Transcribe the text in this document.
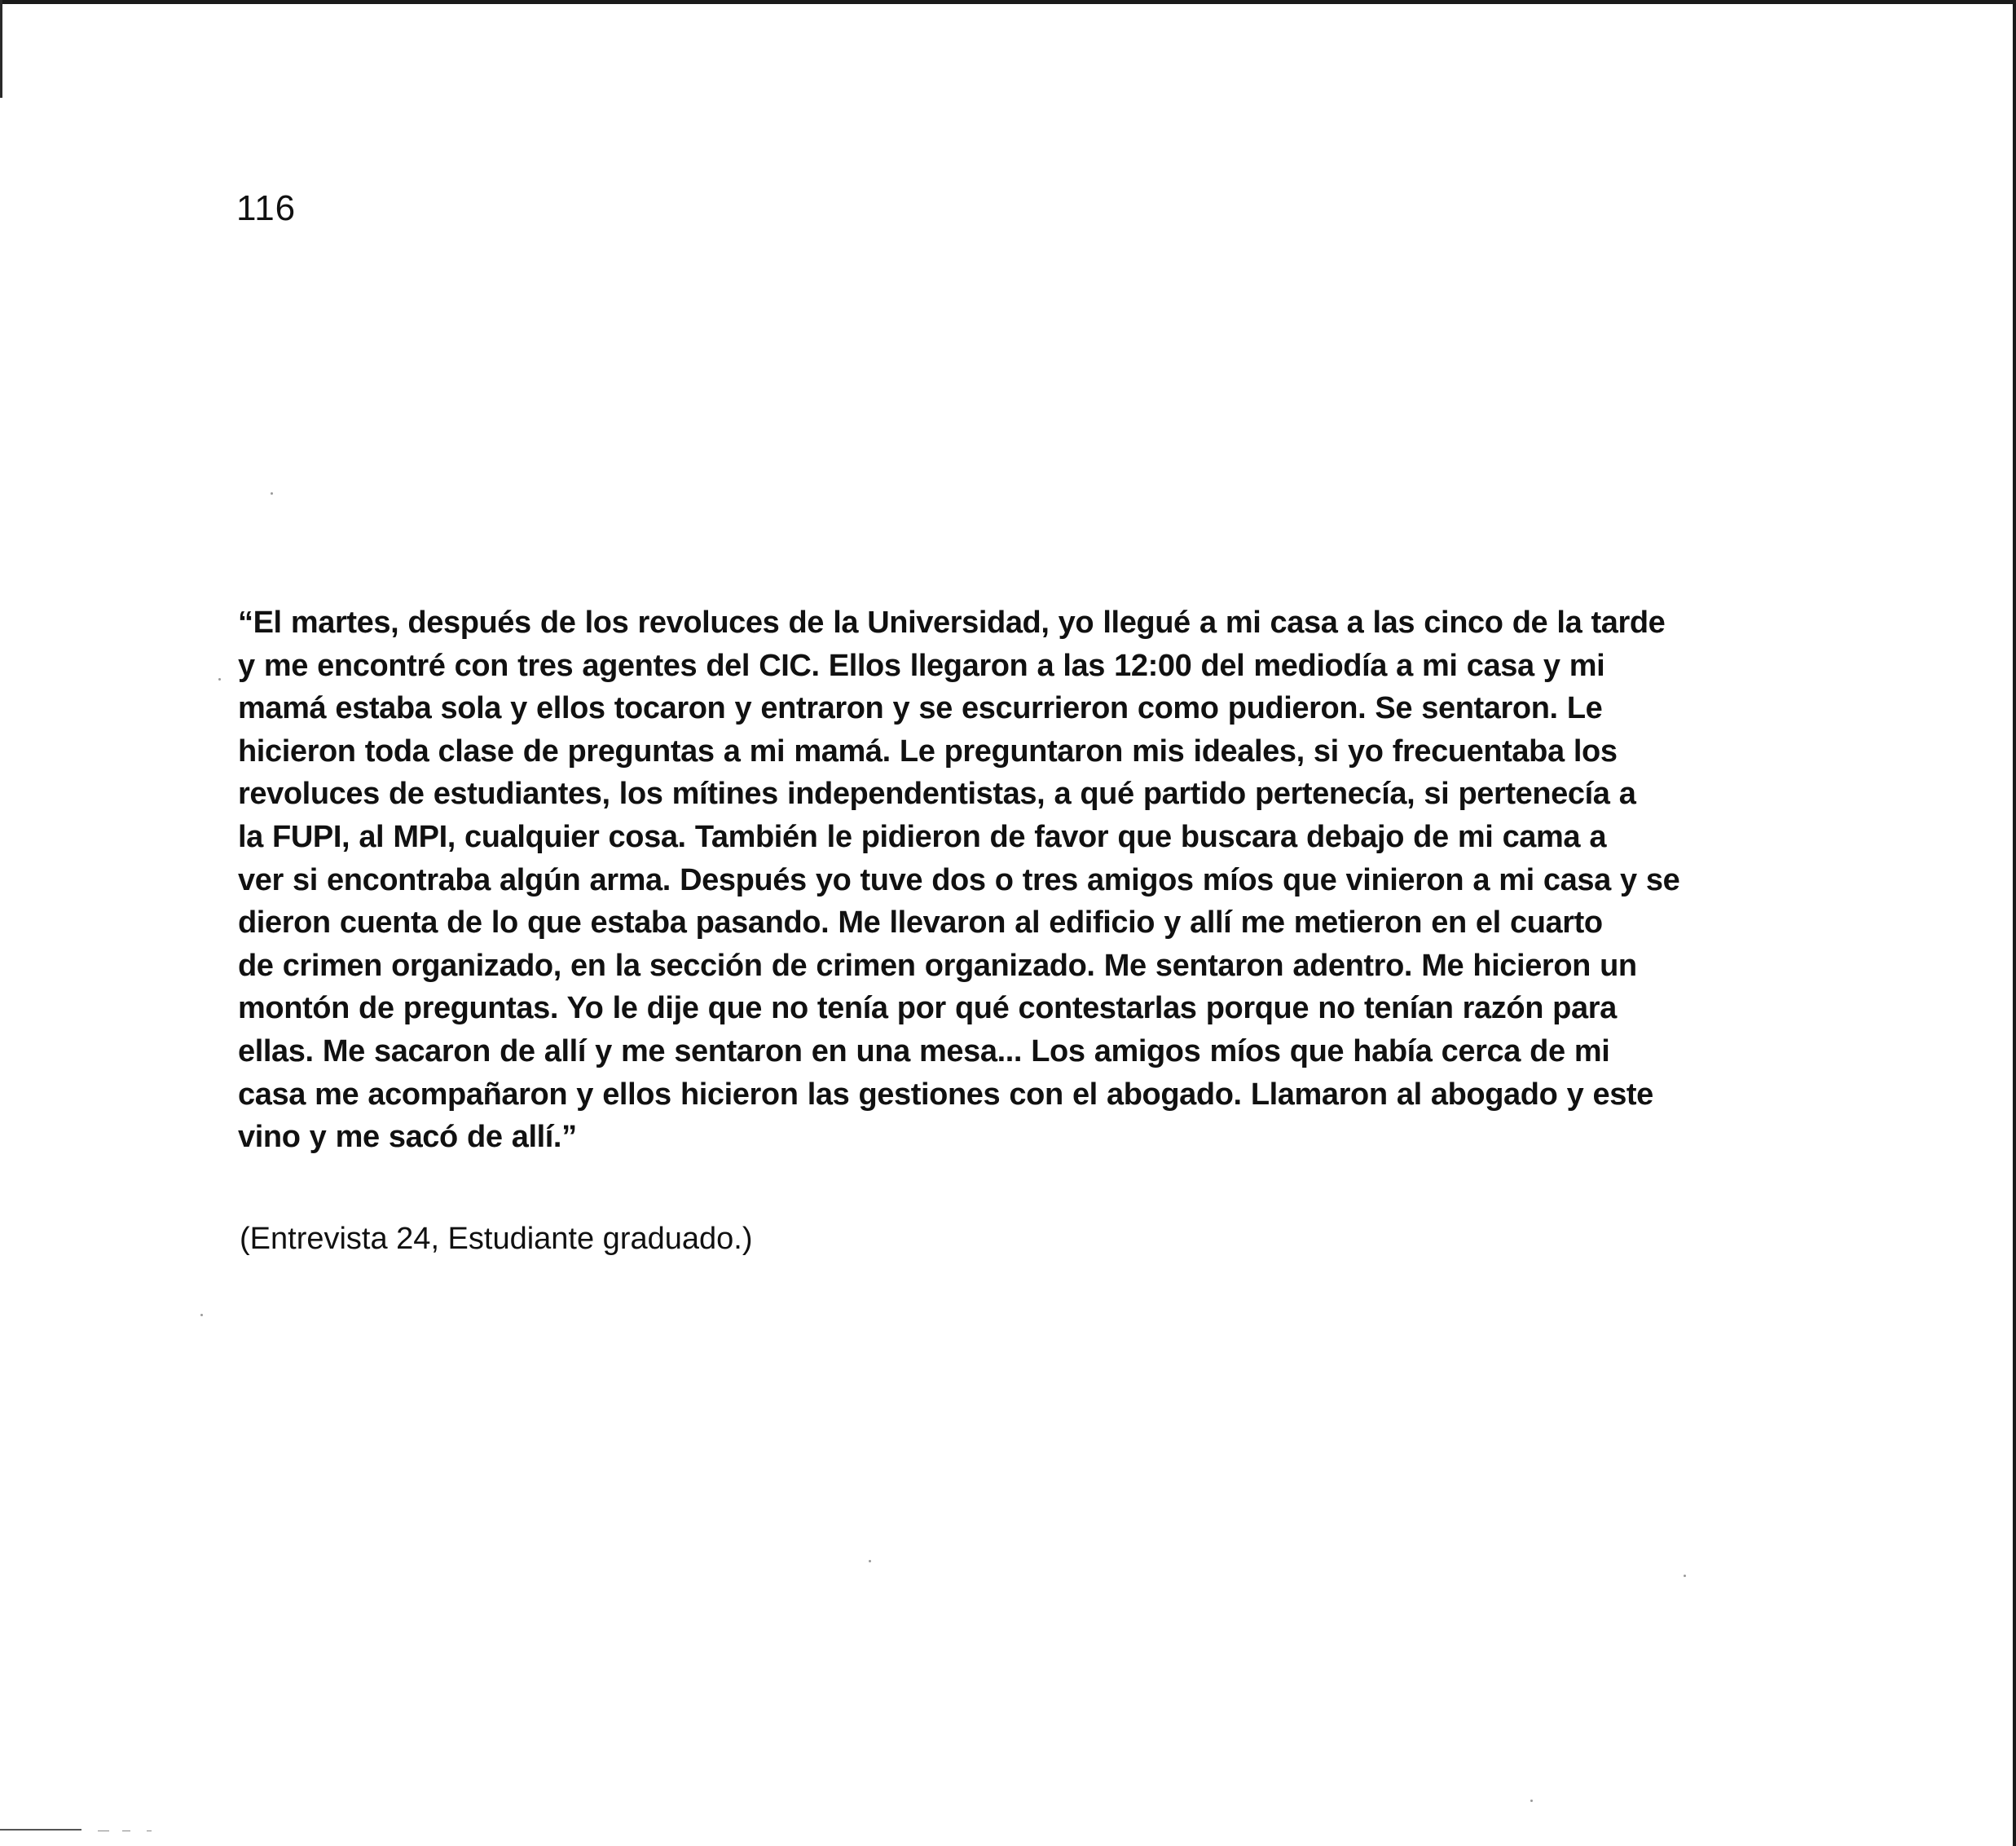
116
“El martes, después de los revoluces de la Universidad, yo llegué a mi casa a las cinco de la tarde
y me encontré con tres agentes del CIC. Ellos llegaron a las 12:00 del mediodía a mi casa y mi
mamá estaba sola y ellos tocaron y entraron y se escurrieron como pudieron. Se sentaron. Le
hicieron toda clase de preguntas a mi mamá. Le preguntaron mis ideales, si yo frecuentaba los
revoluces de estudiantes, los mítines independentistas, a qué partido pertenecía, si pertenecía a
la FUPI, al MPI, cualquier cosa. También le pidieron de favor que buscara debajo de mi cama a
ver si encontraba algún arma. Después yo tuve dos o tres amigos míos que vinieron a mi casa y se
dieron cuenta de lo que estaba pasando. Me llevaron al edificio y allí me metieron en el cuarto
de crimen organizado, en la sección de crimen organizado. Me sentaron adentro. Me hicieron un
montón de preguntas. Yo le dije que no tenía por qué contestarlas porque no tenían razón para
ellas. Me sacaron de allí y me sentaron en una mesa... Los amigos míos que había cerca de mi
casa me acompañaron y ellos hicieron las gestiones con el abogado. Llamaron al abogado y este
vino y me sacó de allí.”
(Entrevista 24, Estudiante graduado.)
